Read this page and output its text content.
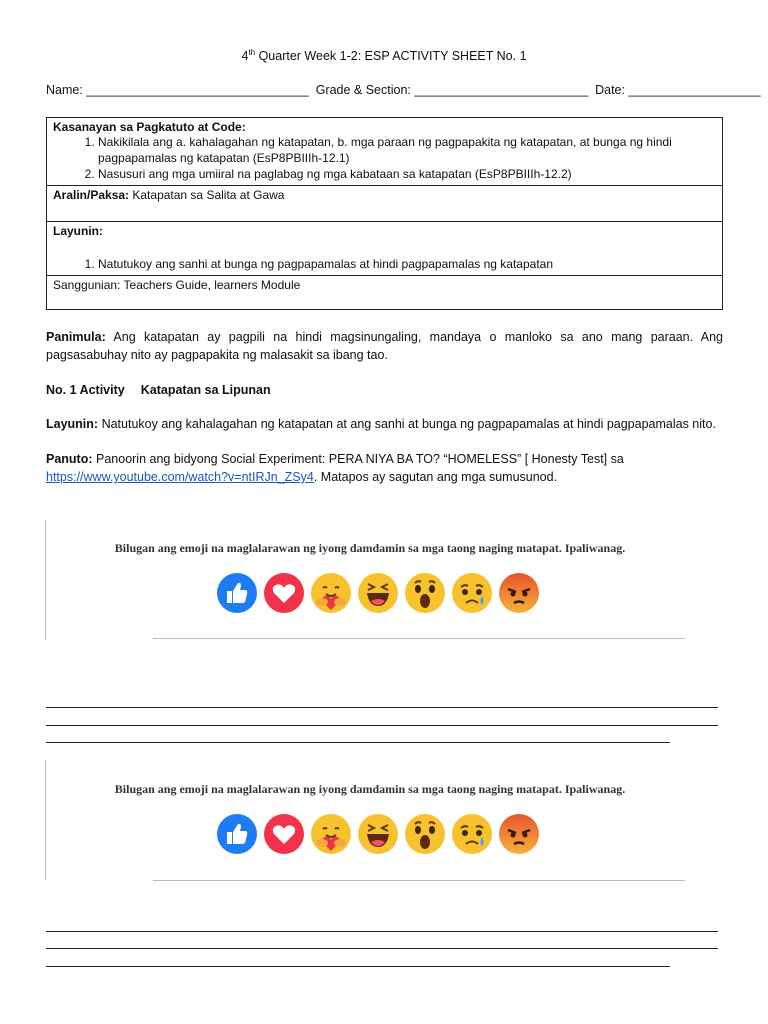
4th Quarter Week 1-2: ESP ACTIVITY SHEET No. 1
Name: ________________________________  Grade & Section: _________________________  Date: ___________________
Kasanayan sa Pagkatuto at Code:
1. Nakikilala ang a. kahalagahan ng katapatan, b. mga paraan ng pagpapakita ng katapatan, at bunga ng hindi pagpapamalas ng katapatan (EsP8PBIIIh-12.1)
2. Nasusuri ang mga umiiral na paglabag ng mga kabataan sa katapatan (EsP8PBIIIh-12.2)

Aralin/Paksa: Katapatan sa Salita at Gawa

Layunin:
1. Natutukoy ang sanhi at bunga ng pagpapamalas at hindi pagpapamalas ng katapatan

Sanggunian: Teachers Guide, learners Module
Panimula: Ang katapatan ay pagpili na hindi magsinungaling, mandaya o manloko sa ano mang paraan. Ang pagsasabuhay nito ay pagpapakita ng malasakit sa ibang tao.
No. 1 Activity Katapatan sa Lipunan
Layunin: Natutukoy ang kahalagahan ng katapatan at ang sanhi at bunga ng pagpapamalas at hindi pagpapamalas nito.
Panuto: Panoorin ang bidyong Social Experiment: PERA NIYA BA TO? “HOMELESS” [ Honesty Test] sa
https://www.youtube.com/watch?v=ntIRJn_ZSy4. Matapos ay sagutan ang mga sumusunod.
Bilugan ang emoji na maglalarawan ng iyong damdamin sa mga taong naging matapat. Ipaliwanag.
Bilugan ang emoji na maglalarawan ng iyong damdamin sa mga taong naging matapat. Ipaliwanag.
